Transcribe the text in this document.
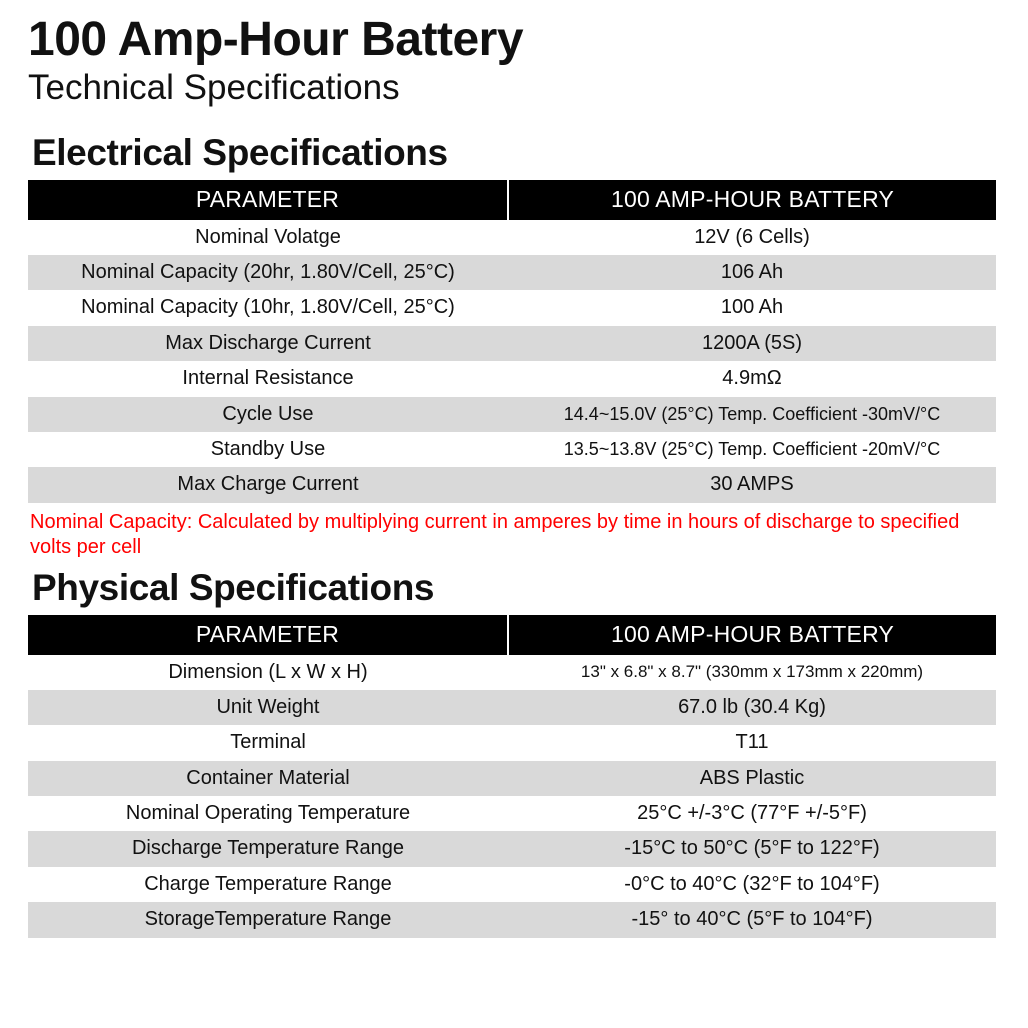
100 Amp-Hour Battery
Technical Specifications
Electrical Specifications
PARAMETER	100 AMP-HOUR BATTERY
Nominal Volatge	12V (6 Cells)
Nominal Capacity (20hr, 1.80V/Cell, 25°C)	106 Ah
Nominal Capacity (10hr, 1.80V/Cell, 25°C)	100 Ah
Max Discharge Current	1200A (5S)
Internal Resistance	4.9mΩ
Cycle Use	14.4~15.0V (25°C) Temp. Coefficient -30mV/°C
Standby Use	13.5~13.8V (25°C) Temp. Coefficient -20mV/°C
Max Charge Current	30 AMPS
Nominal Capacity: Calculated by multiplying current in amperes by time in hours of discharge to specified volts per cell
Physical Specifications
PARAMETER	100 AMP-HOUR BATTERY
Dimension (L x W x H)	13" x 6.8" x 8.7" (330mm x 173mm x 220mm)
Unit Weight	67.0 lb (30.4 Kg)
Terminal	T11
Container Material	ABS Plastic
Nominal Operating Temperature	25°C +/-3°C (77°F +/-5°F)
Discharge Temperature Range	-15°C to 50°C (5°F to 122°F)
Charge Temperature Range	-0°C to 40°C (32°F to 104°F)
StorageTemperature Range	-15° to 40°C (5°F to 104°F)
